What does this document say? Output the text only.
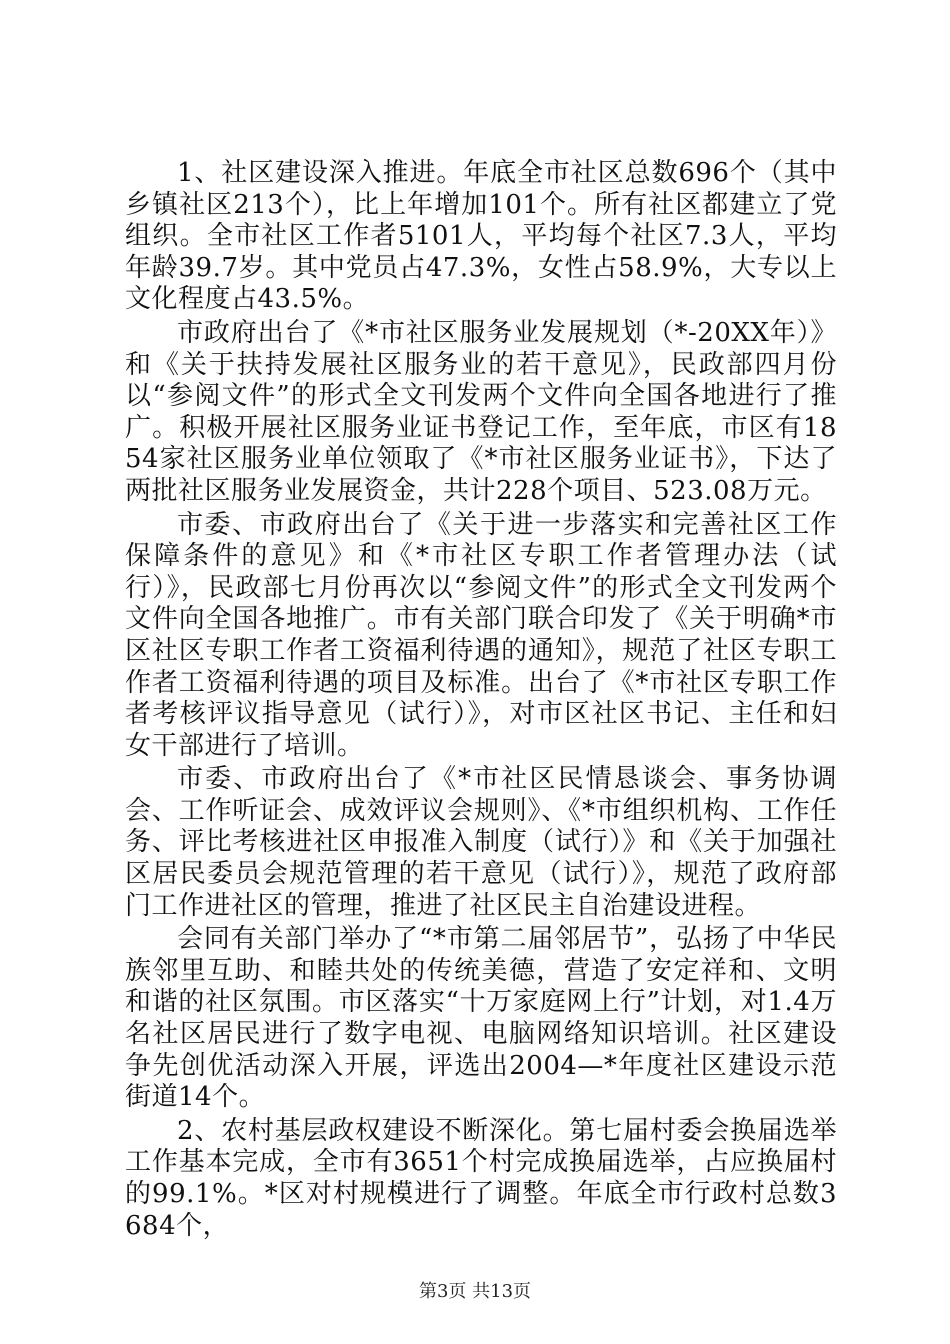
1、社区建设深入推进。年底全市社区总数696个（其中乡镇社区213个），比上年增加101个。所有社区都建立了党组织。全市社区工作者5101人，平均每个社区7.3人，平均年龄39.7岁。其中党员占47.3%，女性占58.9%，大专以上文化程度占43.5%。

市政府出台了《*市社区服务业发展规划（*-20XX年）》和《关于扶持发展社区服务业的若干意见》，民政部四月份以“参阅文件”的形式全文刊发两个文件向全国各地进行了推广。积极开展社区服务业证书登记工作，至年底，市区有1854家社区服务业单位领取了《*市社区服务业证书》，下达了两批社区服务业发展资金，共计228个项目、523.08万元。

市委、市政府出台了《关于进一步落实和完善社区工作保障条件的意见》和《*市社区专职工作者管理办法（试行）》，民政部七月份再次以“参阅文件”的形式全文刊发两个文件向全国各地推广。市有关部门联合印发了《关于明确*市区社区专职工作者工资福利待遇的通知》，规范了社区专职工作者工资福利待遇的项目及标准。出台了《*市社区专职工作者考核评议指导意见（试行）》，对市区社区书记、主任和妇女干部进行了培训。

市委、市政府出台了《*市社区民情恳谈会、事务协调会、工作听证会、成效评议会规则》、《*市组织机构、工作任务、评比考核进社区申报准入制度（试行）》和《关于加强社区居民委员会规范管理的若干意见（试行）》，规范了政府部门工作进社区的管理，推进了社区民主自治建设进程。

会同有关部门举办了“*市第二届邻居节”，弘扬了中华民族邻里互助、和睦共处的传统美德，营造了安定祥和、文明和谐的社区氛围。市区落实“十万家庭网上行”计划，对1.4万名社区居民进行了数字电视、电脑网络知识培训。社区建设争先创优活动深入开展，评选出2004—*年度社区建设示范街道14个。

2、农村基层政权建设不断深化。第七届村委会换届选举工作基本完成，全市有3651个村完成换届选举，占应换届村的99.1%。*区对村规模进行了调整。年底全市行政村总数3684个，

第3页 共13页
